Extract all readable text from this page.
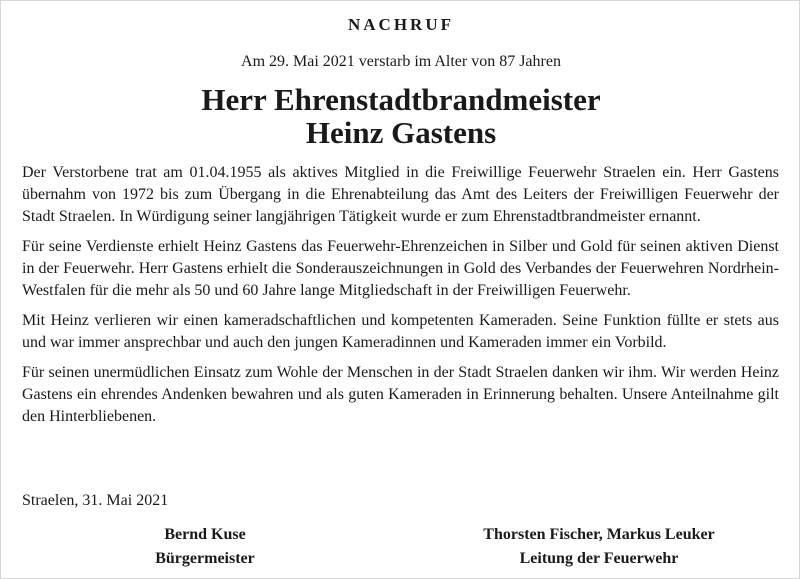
NACHRUF
Am 29. Mai 2021 verstarb im Alter von 87 Jahren
Herr Ehrenstadtbrandmeister
Heinz Gastens

Der Verstorbene trat am 01.04.1955 als aktives Mitglied in die Freiwillige Feuerwehr Straelen ein. Herr Gastens übernahm von 1972 bis zum Übergang in die Ehrenabteilung das Amt des Leiters der Freiwilligen Feuerwehr der Stadt Straelen. In Würdigung seiner langjährigen Tätigkeit wurde er zum Ehrenstadtbrandmeister ernannt.

Für seine Verdienste erhielt Heinz Gastens das Feuerwehr-Ehrenzeichen in Silber und Gold für seinen aktiven Dienst in der Feuerwehr. Herr Gastens erhielt die Sonderauszeichnungen in Gold des Verbandes der Feuerwehren Nordrhein-Westfalen für die mehr als 50 und 60 Jahre lange Mitgliedschaft in der Freiwilligen Feuerwehr.

Mit Heinz verlieren wir einen kameradschaftlichen und kompetenten Kameraden. Seine Funktion füllte er stets aus und war immer ansprechbar und auch den jungen Kameradinnen und Kameraden immer ein Vorbild.

Für seinen unermüdlichen Einsatz zum Wohle der Menschen in der Stadt Straelen danken wir ihm. Wir werden Heinz Gastens ein ehrendes Andenken bewahren und als guten Kameraden in Erinnerung behalten. Unsere Anteilnahme gilt den Hinterbliebenen.

Straelen, 31. Mai 2021
Bernd Kuse
Bürgermeister
Thorsten Fischer, Markus Leuker
Leitung der Feuerwehr
